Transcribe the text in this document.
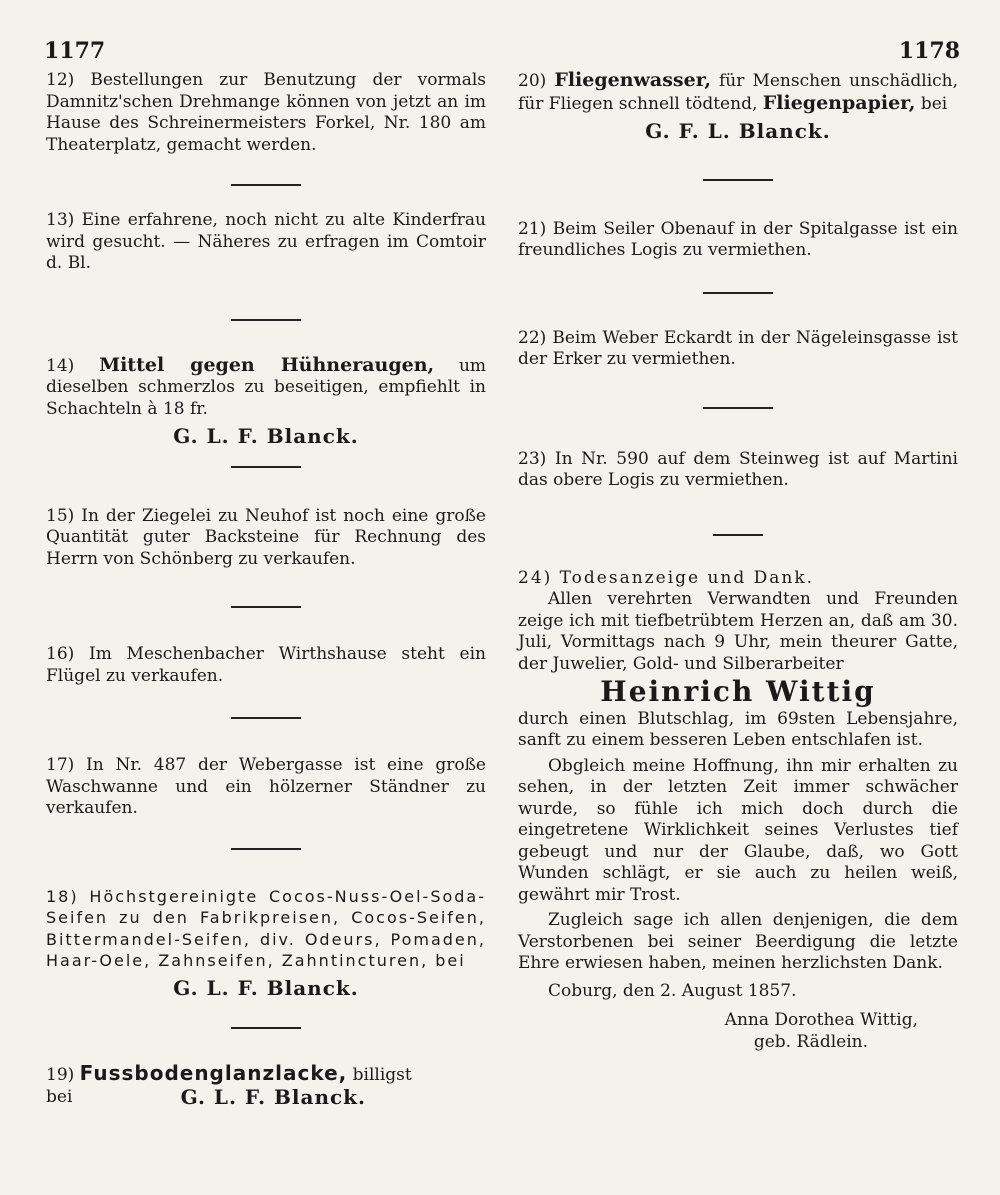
1177	1178

12) Bestellungen zur Benutzung der vormals Damnitz'schen Drehmange können von jetzt an im Hause des Schreinermeisters Forkel, Nr. 180 am Theaterplatz, gemacht werden.

13) Eine erfahrene, noch nicht zu alte Kinderfrau wird gesucht. — Näheres zu erfragen im Comtoir d. Bl.

14) Mittel gegen Hühneraugen, um dieselben schmerzlos zu beseitigen, empfiehlt in Schachteln à 18 fr.

G. L. F. Blanck.

15) In der Ziegelei zu Neuhof ist noch eine große Quantität guter Backsteine für Rechnung des Herrn von Schönberg zu verkaufen.

16) Im Meschenbacher Wirthshause steht ein Flügel zu verkaufen.

17) In Nr. 487 der Webergasse ist eine große Waschwanne und ein hölzerner Ständner zu verkaufen.

18) Höchstgereinigte Cocos-Nuss-Oel-Soda-Seifen zu den Fabrikpreisen, Cocos-Seifen, Bittermandel-Seifen, div. Odeurs, Pomaden, Haar-Oele, Zahnseifen, Zahntincturen, bei

G. L. F. Blanck.

19) Fussbodenglanzlacke, billigst

bei	G. L. F. Blanck.

20) Fliegenwasser, für Menschen unschädlich, für Fliegen schnell tödtend, Fliegenpapier, bei

G. F. L. Blanck.

21) Beim Seiler Obenauf in der Spitalgasse ist ein freundliches Logis zu vermiethen.

22) Beim Weber Eckardt in der Nägeleinsgasse ist der Erker zu vermiethen.

23) In Nr. 590 auf dem Steinweg ist auf Martini das obere Logis zu vermiethen.

24) Todesanzeige und Dank.

Allen verehrten Verwandten und Freunden zeige ich mit tiefbetrübtem Herzen an, daß am 30. Juli, Vormittags nach 9 Uhr, mein theurer Gatte, der Juwelier, Gold- und Silberarbeiter

Heinrich Wittig

durch einen Blutschlag, im 69sten Lebensjahre, sanft zu einem besseren Leben entschlafen ist.

Obgleich meine Hoffnung, ihn mir erhalten zu sehen, in der letzten Zeit immer schwächer wurde, so fühle ich mich doch durch die eingetretene Wirklichkeit seines Verlustes tief gebeugt und nur der Glaube, daß, wo Gott Wunden schlägt, er sie auch zu heilen weiß, gewährt mir Trost.

Zugleich sage ich allen denjenigen, die dem Verstorbenen bei seiner Beerdigung die letzte Ehre erwiesen haben, meinen herzlichsten Dank.

Coburg, den 2. August 1857.

Anna Dorothea Wittig,

geb. Rädlein.
